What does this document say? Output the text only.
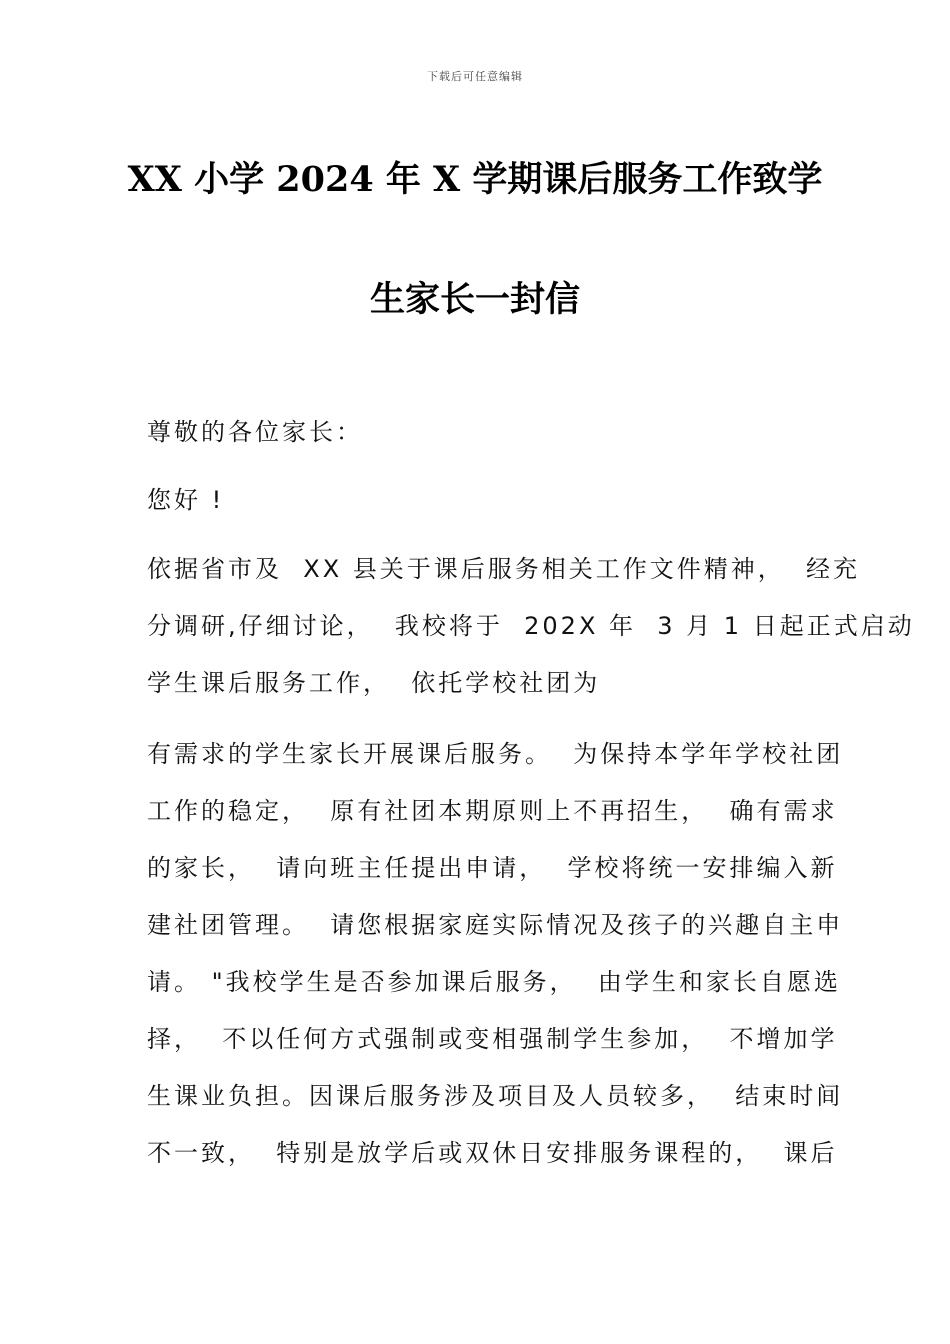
下载后可任意编辑
XX 小学 2024 年 X 学期课后服务工作致学
生家长一封信
尊敬的各位家长：
您好 !
依据省市及  XX 县关于课后服务相关工作文件精神，  经充
分调研,仔细讨论，  我校将于  202X 年  3 月 1 日起正式启动
学生课后服务工作，  依托学校社团为
有需求的学生家长开展课后服务。  为保持本学年学校社团
工作的稳定，  原有社团本期原则上不再招生，  确有需求
的家长，  请向班主任提出申请，  学校将统一安排编入新
建社团管理。  请您根据家庭实际情况及孩子的兴趣自主申
请。 "我校学生是否参加课后服务，  由学生和家长自愿选
择，  不以任何方式强制或变相强制学生参加，  不增加学
生课业负担。因课后服务涉及项目及人员较多，  结束时间
不一致，  特别是放学后或双休日安排服务课程的，  课后
